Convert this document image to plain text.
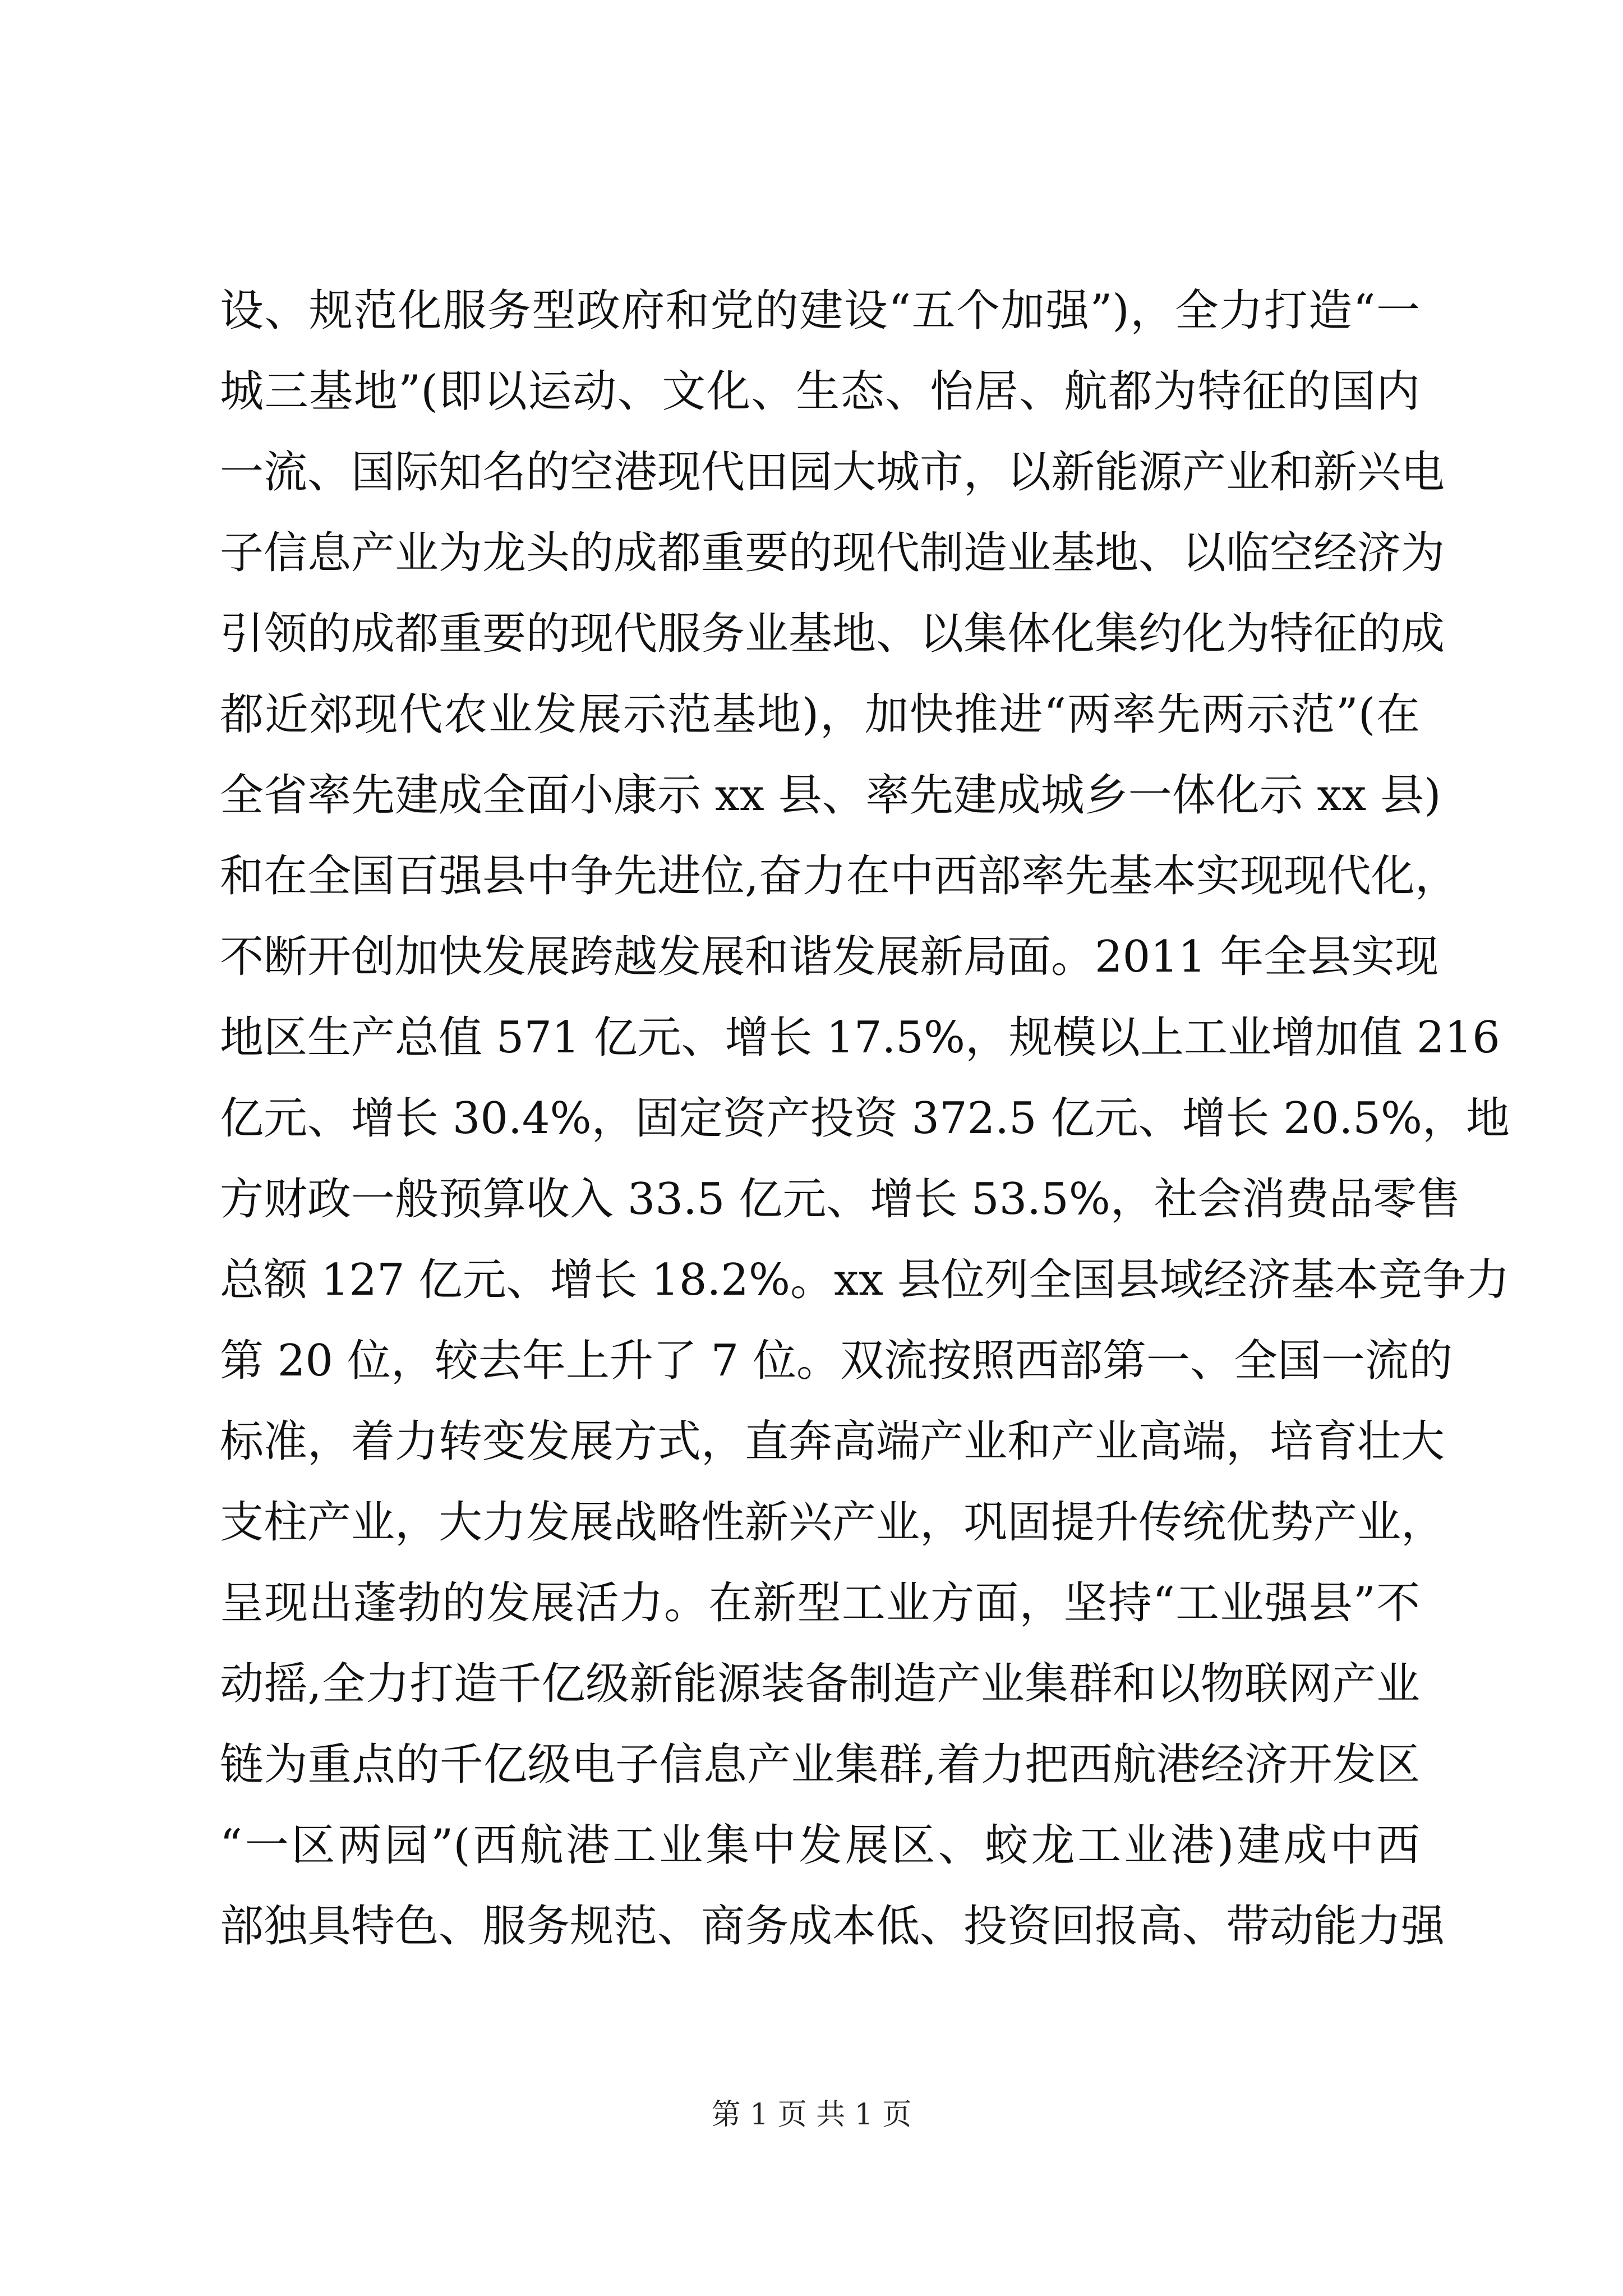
设、规范化服务型政府和党的建设“五个加强”)，全力打造“一
城三基地”(即以运动、文化、生态、怡居、航都为特征的国内
一流、国际知名的空港现代田园大城市，以新能源产业和新兴电
子信息产业为龙头的成都重要的现代制造业基地、以临空经济为
引领的成都重要的现代服务业基地、以集体化集约化为特征的成
都近郊现代农业发展示范基地)，加快推进“两率先两示范”(在
全省率先建成全面小康示 xx 县、率先建成城乡一体化示 xx 县)
和在全国百强县中争先进位,奋力在中西部率先基本实现现代化，
不断开创加快发展跨越发展和谐发展新局面。2011 年全县实现
地区生产总值 571 亿元、增长 17.5%，规模以上工业增加值 216
亿元、增长 30.4%，固定资产投资 372.5 亿元、增长 20.5%，地
方财政一般预算收入 33.5 亿元、增长 53.5%，社会消费品零售
总额 127 亿元、增长 18.2%。xx 县位列全国县域经济基本竞争力
第 20 位，较去年上升了 7 位。双流按照西部第一、全国一流的
标准，着力转变发展方式，直奔高端产业和产业高端，培育壮大
支柱产业，大力发展战略性新兴产业，巩固提升传统优势产业，
呈现出蓬勃的发展活力。在新型工业方面，坚持“工业强县”不
动摇,全力打造千亿级新能源装备制造产业集群和以物联网产业
链为重点的千亿级电子信息产业集群,着力把西航港经济开发区
“一区两园”(西航港工业集中发展区、蛟龙工业港)建成中西
部独具特色、服务规范、商务成本低、投资回报高、带动能力强
第 1 页 共 1 页
